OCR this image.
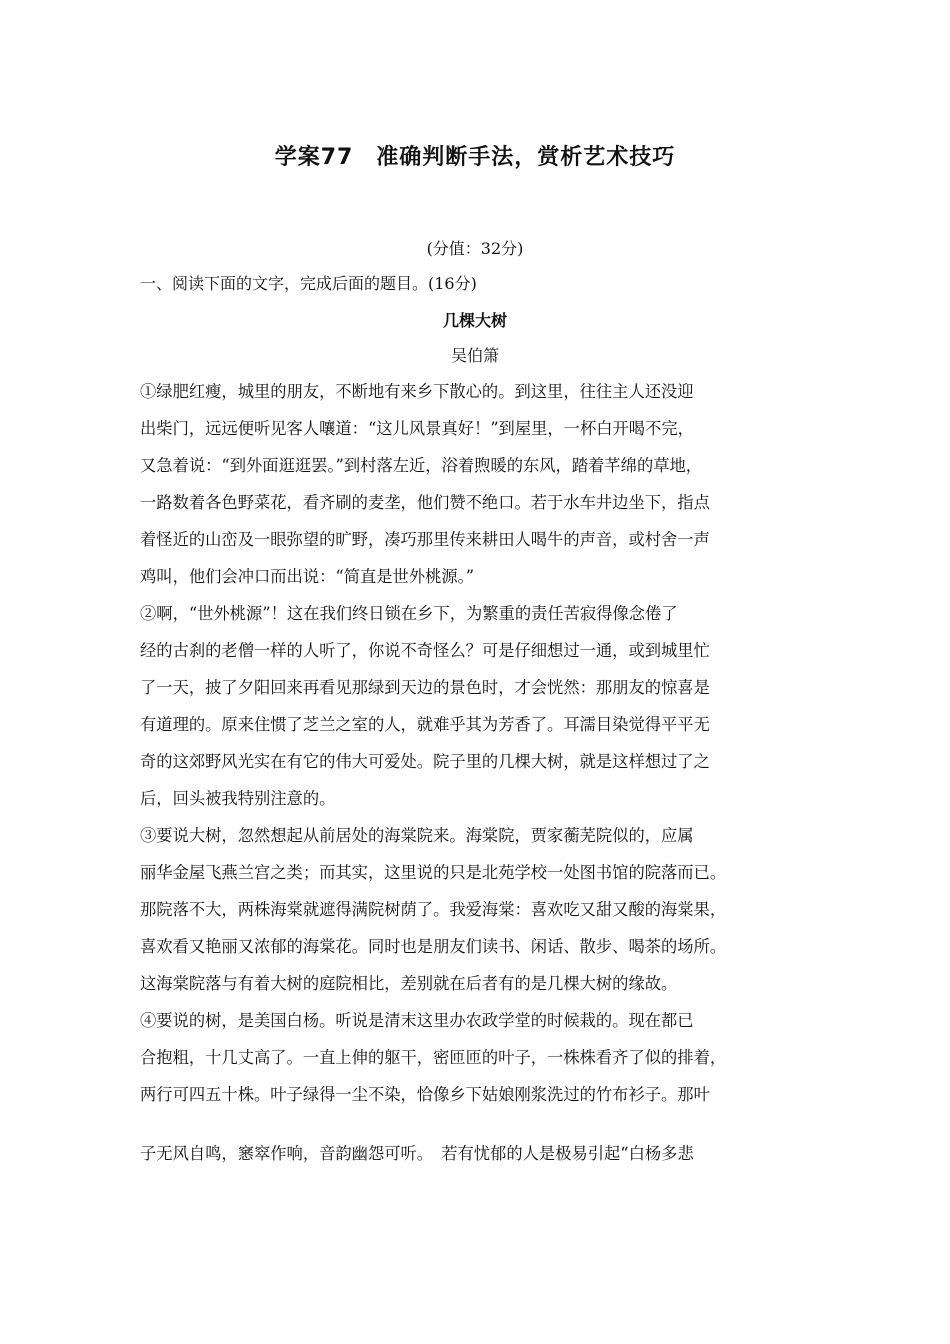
学案77　准确判断手法，赏析艺术技巧
(分值：32分)
一、阅读下面的文字，完成后面的题目。(16分)
几棵大树
吴伯箫
①绿肥红瘦，城里的朋友，不断地有来乡下散心的。到这里，往往主人还没迎
出柴门，远远便听见客人嚷道：“这儿风景真好！”到屋里，一杯白开喝不完，
又急着说：“到外面逛逛罢。”到村落左近，浴着煦暖的东风，踏着芊绵的草地，
一路数着各色野菜花，看齐刷的麦垄，他们赞不绝口。若于水车井边坐下，指点
着怪近的山峦及一眼弥望的旷野，凑巧那里传来耕田人喝牛的声音，或村舍一声
鸡叫，他们会冲口而出说：“简直是世外桃源。”
②啊，“世外桃源”！这在我们终日锁在乡下，为繁重的责任苦寂得像念倦了
经的古刹的老僧一样的人听了，你说不奇怪么？可是仔细想过一通，或到城里忙
了一天，披了夕阳回来再看见那绿到天边的景色时，才会恍然：那朋友的惊喜是
有道理的。原来住惯了芝兰之室的人，就难乎其为芳香了。耳濡目染觉得平平无
奇的这郊野风光实在有它的伟大可爱处。院子里的几棵大树，就是这样想过了之
后，回头被我特别注意的。
③要说大树，忽然想起从前居处的海棠院来。海棠院，贾家蘅芜院似的，应属
丽华金屋飞燕兰宫之类；而其实，这里说的只是北苑学校一处图书馆的院落而已。
那院落不大，两株海棠就遮得满院树荫了。我爱海棠：喜欢吃又甜又酸的海棠果，
喜欢看又艳丽又浓郁的海棠花。同时也是朋友们读书、闲话、散步、喝茶的场所。
这海棠院落与有着大树的庭院相比，差别就在后者有的是几棵大树的缘故。
④要说的树，是美国白杨。听说是清末这里办农政学堂的时候栽的。现在都已
合抱粗，十几丈高了。一直上伸的躯干，密匝匝的叶子，一株株看齐了似的排着，
两行可四五十株。叶子绿得一尘不染，恰像乡下姑娘刚浆洗过的竹布衫子。那叶
子无风自鸣，窸窣作响，音韵幽怨可听。　若有忧郁的人是极易引起“白杨多悲
